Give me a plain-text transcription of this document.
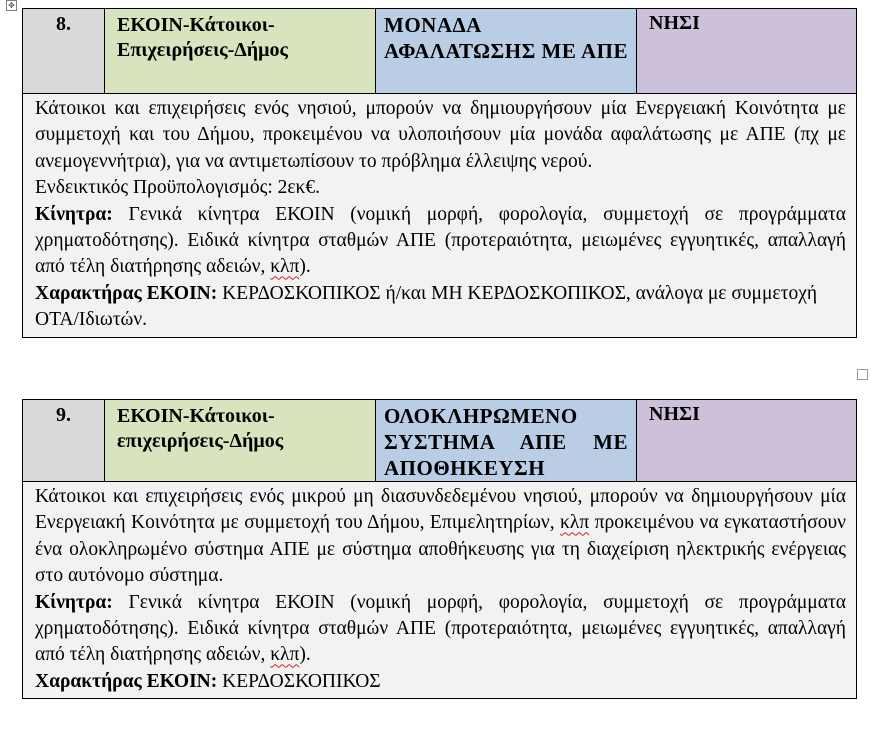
✥
8.	ΕΚΟΙΝ-Κάτοικοι-Επιχειρήσεις-Δήμος	ΜΟΝΑΔΑ ΑΦΑΛΑΤΩΣΗΣ ΜΕ ΑΠΕ	ΝΗΣΙ

Κάτοικοι και επιχειρήσεις ενός νησιού, μπορούν να δημιουργήσουν μία Ενεργειακή Κοινότητα με συμμετοχή και του Δήμου, προκειμένου να υλοποιήσουν μία μονάδα αφαλάτωσης με ΑΠΕ (πχ με ανεμογεννήτρια), για να αντιμετωπίσουν το πρόβλημα έλλειψης νερού.

Ενδεικτικός Προϋπολογισμός: 2εκ€.

Κίνητρα: Γενικά κίνητρα ΕΚΟΙΝ (νομική μορφή, φορολογία, συμμετοχή σε προγράμματα χρηματοδότησης). Ειδικά κίνητρα σταθμών ΑΠΕ (προτεραιότητα, μειωμένες εγγυητικές, απαλλαγή από τέλη διατήρησης αδειών, κλπ).

Χαρακτήρας ΕΚΟΙΝ: ΚΕΡΔΟΣΚΟΠΙΚΟΣ ή/και ΜΗ ΚΕΡΔΟΣΚΟΠΙΚΟΣ, ανάλογα με συμμετοχή ΟΤΑ/Ιδιωτών.

9.	ΕΚΟΙΝ-Κάτοικοι-επιχειρήσεις-Δήμος	ΟΛΟΚΛΗΡΩΜΕΝΟ ΣΥΣΤΗΜΑ ΑΠΕ ΜΕ ΑΠΟΘΗΚΕΥΣΗ	ΝΗΣΙ

Κάτοικοι και επιχειρήσεις ενός μικρού μη διασυνδεδεμένου νησιού, μπορούν να δημιουργήσουν μία Ενεργειακή Κοινότητα με συμμετοχή του Δήμου, Επιμελητηρίων, κλπ προκειμένου να εγκαταστήσουν ένα ολοκληρωμένο σύστημα ΑΠΕ με σύστημα αποθήκευσης για τη διαχείριση ηλεκτρικής ενέργειας στο αυτόνομο σύστημα.

Κίνητρα: Γενικά κίνητρα ΕΚΟΙΝ (νομική μορφή, φορολογία, συμμετοχή σε προγράμματα χρηματοδότησης). Ειδικά κίνητρα σταθμών ΑΠΕ (προτεραιότητα, μειωμένες εγγυητικές, απαλλαγή από τέλη διατήρησης αδειών, κλπ).

Χαρακτήρας ΕΚΟΙΝ: ΚΕΡΔΟΣΚΟΠΙΚΟΣ
